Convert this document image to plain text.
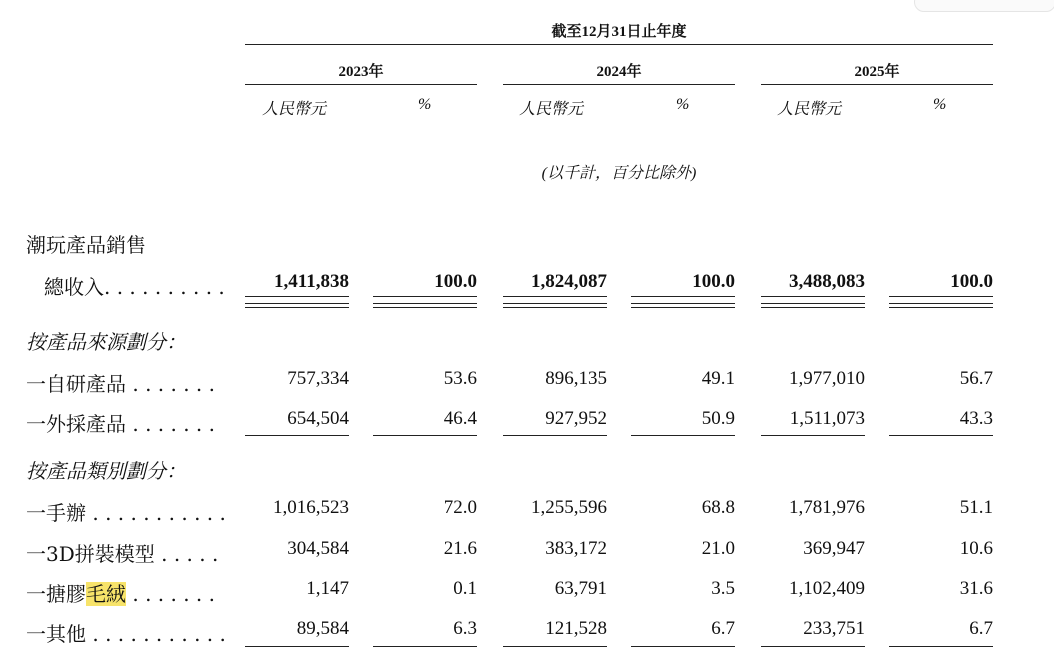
截至12月31日止年度
2023年	2024年	2025年
人民幣元	%	人民幣元	%	人民幣元	%
(以千計，百分比除外)
潮玩產品銷售
總收入. . . . . . . . . .	1,411,838	100.0	1,824,087	100.0	3,488,083	100.0
按產品來源劃分：
一自研產品 . . . . . . .	757,334	53.6	896,135	49.1	1,977,010	56.7
一外採產品 . . . . . . .	654,504	46.4	927,952	50.9	1,511,073	43.3
按產品類別劃分：
一手辦 . . . . . . . . . . .	1,016,523	72.0	1,255,596	68.8	1,781,976	51.1
一3D拼裝模型 . . . . .	304,584	21.6	383,172	21.0	369,947	10.6
一搪膠毛絨 . . . . . . .	1,147	0.1	63,791	3.5	1,102,409	31.6
一其他 . . . . . . . . . . .	89,584	6.3	121,528	6.7	233,751	6.7
